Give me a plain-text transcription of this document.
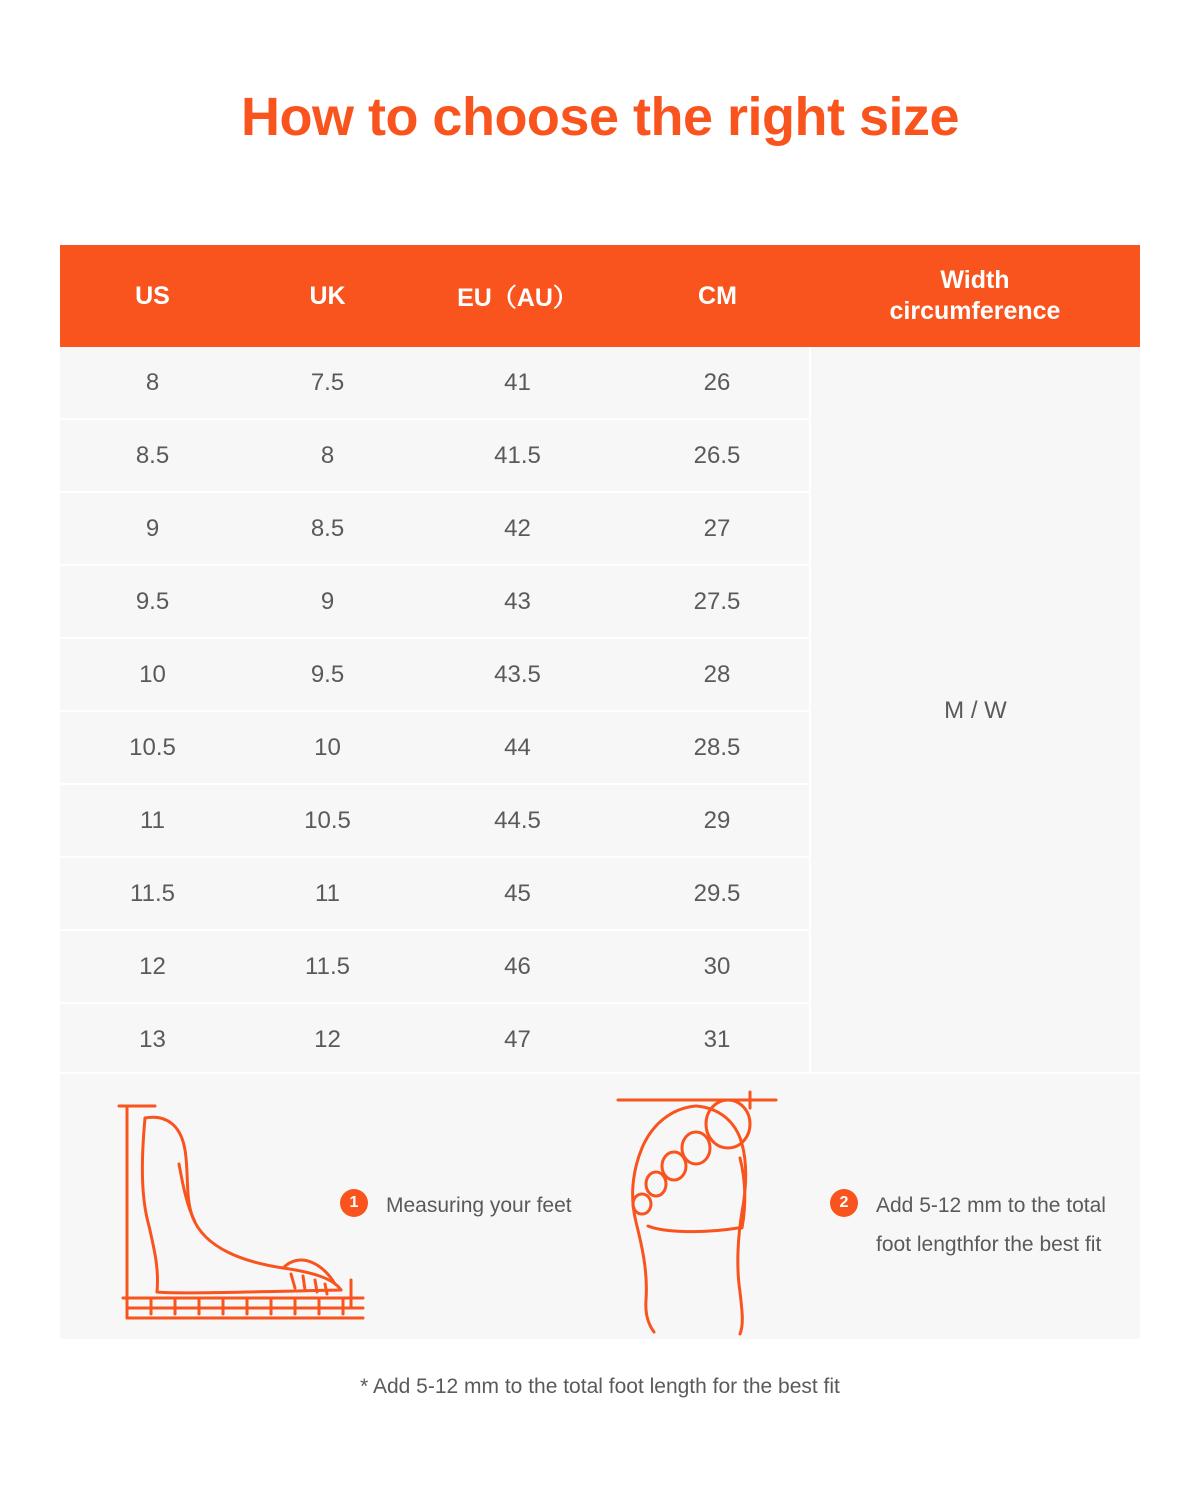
How to choose the right size
US	UK	EU（AU）	CM	Width
circumference
8	7.5	41	26	M / W
8.5	8	41.5	26.5	
9	8.5	42	27	
9.5	9	43	27.5	
10	9.5	43.5	28	
10.5	10	44	28.5	
11	10.5	44.5	29	
11.5	11	45	29.5	
12	11.5	46	30	
13	12	47	31	
1	Measuring your feet	2	Add 5-12 mm to the total foot lengthfor the best fit
* Add 5-12 mm to the total foot length for the best fit
